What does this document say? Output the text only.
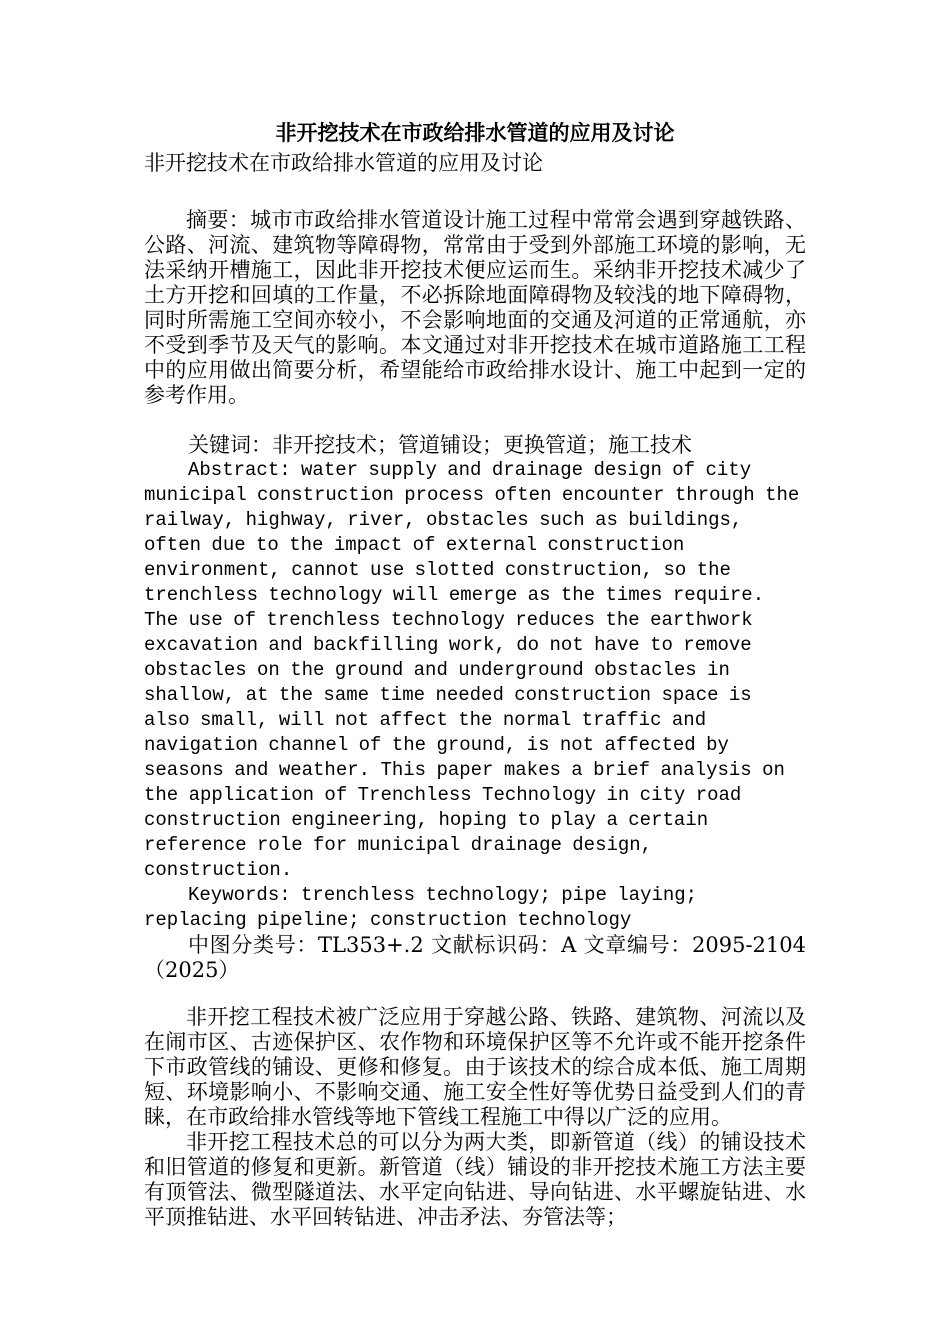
非开挖技术在市政给排水管道的应用及讨论

非开挖技术在市政给排水管道的应用及讨论

摘要：城市市政给排水管道设计施工过程中常常会遇到穿越铁路、公路、河流、建筑物等障碍物，常常由于受到外部施工环境的影响，无法采纳开槽施工，因此非开挖技术便应运而生。采纳非开挖技术减少了土方开挖和回填的工作量，不必拆除地面障碍物及较浅的地下障碍物，同时所需施工空间亦较小，不会影响地面的交通及河道的正常通航，亦不受到季节及天气的影响。本文通过对非开挖技术在城市道路施工工程中的应用做出简要分析，希望能给市政给排水设计、施工中起到一定的参考作用。

关键词：非开挖技术；管道铺设；更换管道；施工技术

Abstract: water supply and drainage design of city municipal construction process often encounter through the railway, highway, river, obstacles such as buildings, often due to the impact of external construction environment, cannot use slotted construction, so the trenchless technology will emerge as the times require. The use of trenchless technology reduces the earthwork excavation and backfilling work, do not have to remove obstacles on the ground and underground obstacles in shallow, at the same time needed construction space is also small, will not affect the normal traffic and navigation channel of the ground, is not affected by seasons and weather. This paper makes a brief analysis on the application of Trenchless Technology in city road construction engineering, hoping to play a certain reference role for municipal drainage design, construction.

Keywords: trenchless technology; pipe laying; replacing pipeline; construction technology

中图分类号：TL353+.2 文献标识码：A 文章编号：2095-2104（2025）

非开挖工程技术被广泛应用于穿越公路、铁路、建筑物、河流以及在闹市区、古迹保护区、农作物和环境保护区等不允许或不能开挖条件下市政管线的铺设、更修和修复。由于该技术的综合成本低、施工周期短、环境影响小、不影响交通、施工安全性好等优势日益受到人们的青睐，在市政给排水管线等地下管线工程施工中得以广泛的应用。

非开挖工程技术总的可以分为两大类，即新管道（线）的铺设技术和旧管道的修复和更新。新管道（线）铺设的非开挖技术施工方法主要有顶管法、微型隧道法、水平定向钻进、导向钻进、水平螺旋钻进、水平顶推钻进、水平回转钻进、冲击矛法、夯管法等；
